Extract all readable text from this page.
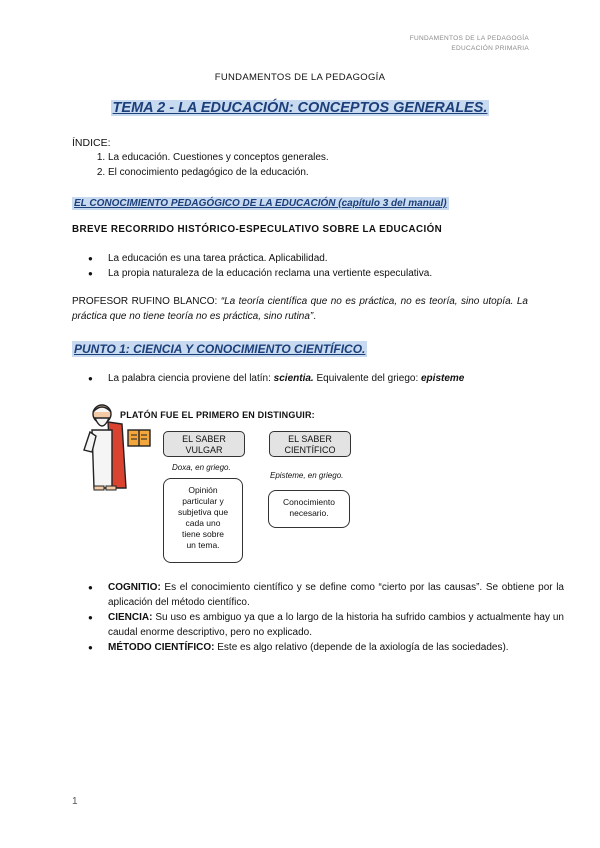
FUNDAMENTOS DE LA PEDAGOGÍA
EDUCACIÓN PRIMARIA
FUNDAMENTOS DE LA PEDAGOGÍA
TEMA 2 - LA EDUCACIÓN: CONCEPTOS GENERALES.
ÍNDICE:
1. La educación. Cuestiones y conceptos generales.
2. El conocimiento pedagógico de la educación.
EL CONOCIMIENTO PEDAGÓGICO DE LA EDUCACIÓN (capítulo 3 del manual)
BREVE RECORRIDO HISTÓRICO-ESPECULATIVO SOBRE LA EDUCACIÓN
● La educación es una tarea práctica. Aplicabilidad.
● La propia naturaleza de la educación reclama una vertiente especulativa.
PROFESOR RUFINO BLANCO: “La teoría científica que no es práctica, no es teoría, sino utopía. La práctica que no tiene teoría no es práctica, sino rutina”.
PUNTO 1: CIENCIA Y CONOCIMIENTO CIENTÍFICO.
● La palabra ciencia proviene del latín: scientia. Equivalente del griego: episteme
PLATÓN FUE EL PRIMERO EN DISTINGUIR:
EL SABER
VULGAR
EL SABER
CIENTÍFICO
Doxa, en griego.
Episteme, en griego.
Opinión
particular y
subjetiva que
cada uno
tiene sobre
un tema.
Conocimiento
necesario.
● COGNITIO: Es el conocimiento científico y se define como “cierto por las causas”. Se obtiene por la aplicación del método científico.
● CIENCIA: Su uso es ambiguo ya que a lo largo de la historia ha sufrido cambios y actualmente hay un caudal enorme descriptivo, pero no explicado.
● MÉTODO CIENTÍFICO: Este es algo relativo (depende de la axiología de las sociedades).
1
